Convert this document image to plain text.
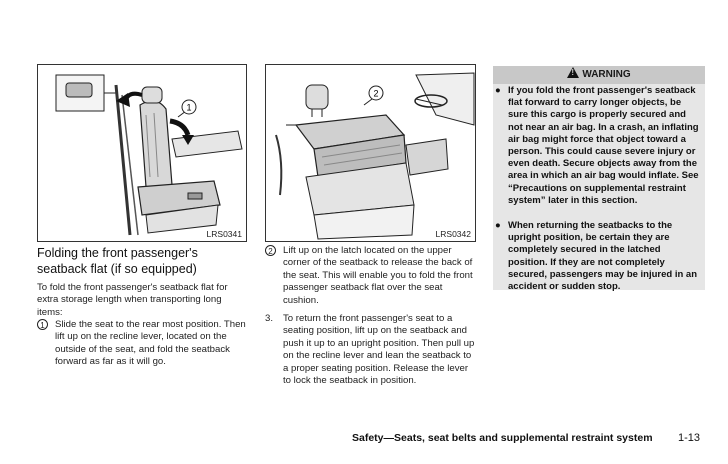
1
LRS0341
2
LRS0342
Folding the front passenger's seatback flat (if so equipped)
To fold the front passenger's seatback flat for extra storage length when transporting long items:
1	Slide the seat to the rear most position. Then lift up on the recline lever, located on the outside of the seat, and fold the seatback forward as far as it will go.
2	Lift up on the latch located on the upper corner of the seatback to release the back of the seat. This will enable you to fold the front passenger seatback flat over the seat cushion.
3. To return the front passenger's seat to a seating position, lift up on the seatback and push it up to an upright position. Then pull up on the recline lever and lean the seatback to a proper seating position. Release the lever to lock the seatback in position.
!WARNING
● If you fold the front passenger's seatback flat forward to carry longer objects, be sure this cargo is properly secured and not near an air bag. In a crash, an inflating air bag might force that object toward a person. This could cause severe injury or even death. Secure objects away from the area in which an air bag would inflate. See “Precautions on supplemental restraint system” later in this section.
● When returning the seatbacks to the upright position, be certain they are completely secured in the latched position. If they are not completely secured, passengers may be injured in an accident or sudden stop.
Safety—Seats, seat belts and supplemental restraint system 1-13
